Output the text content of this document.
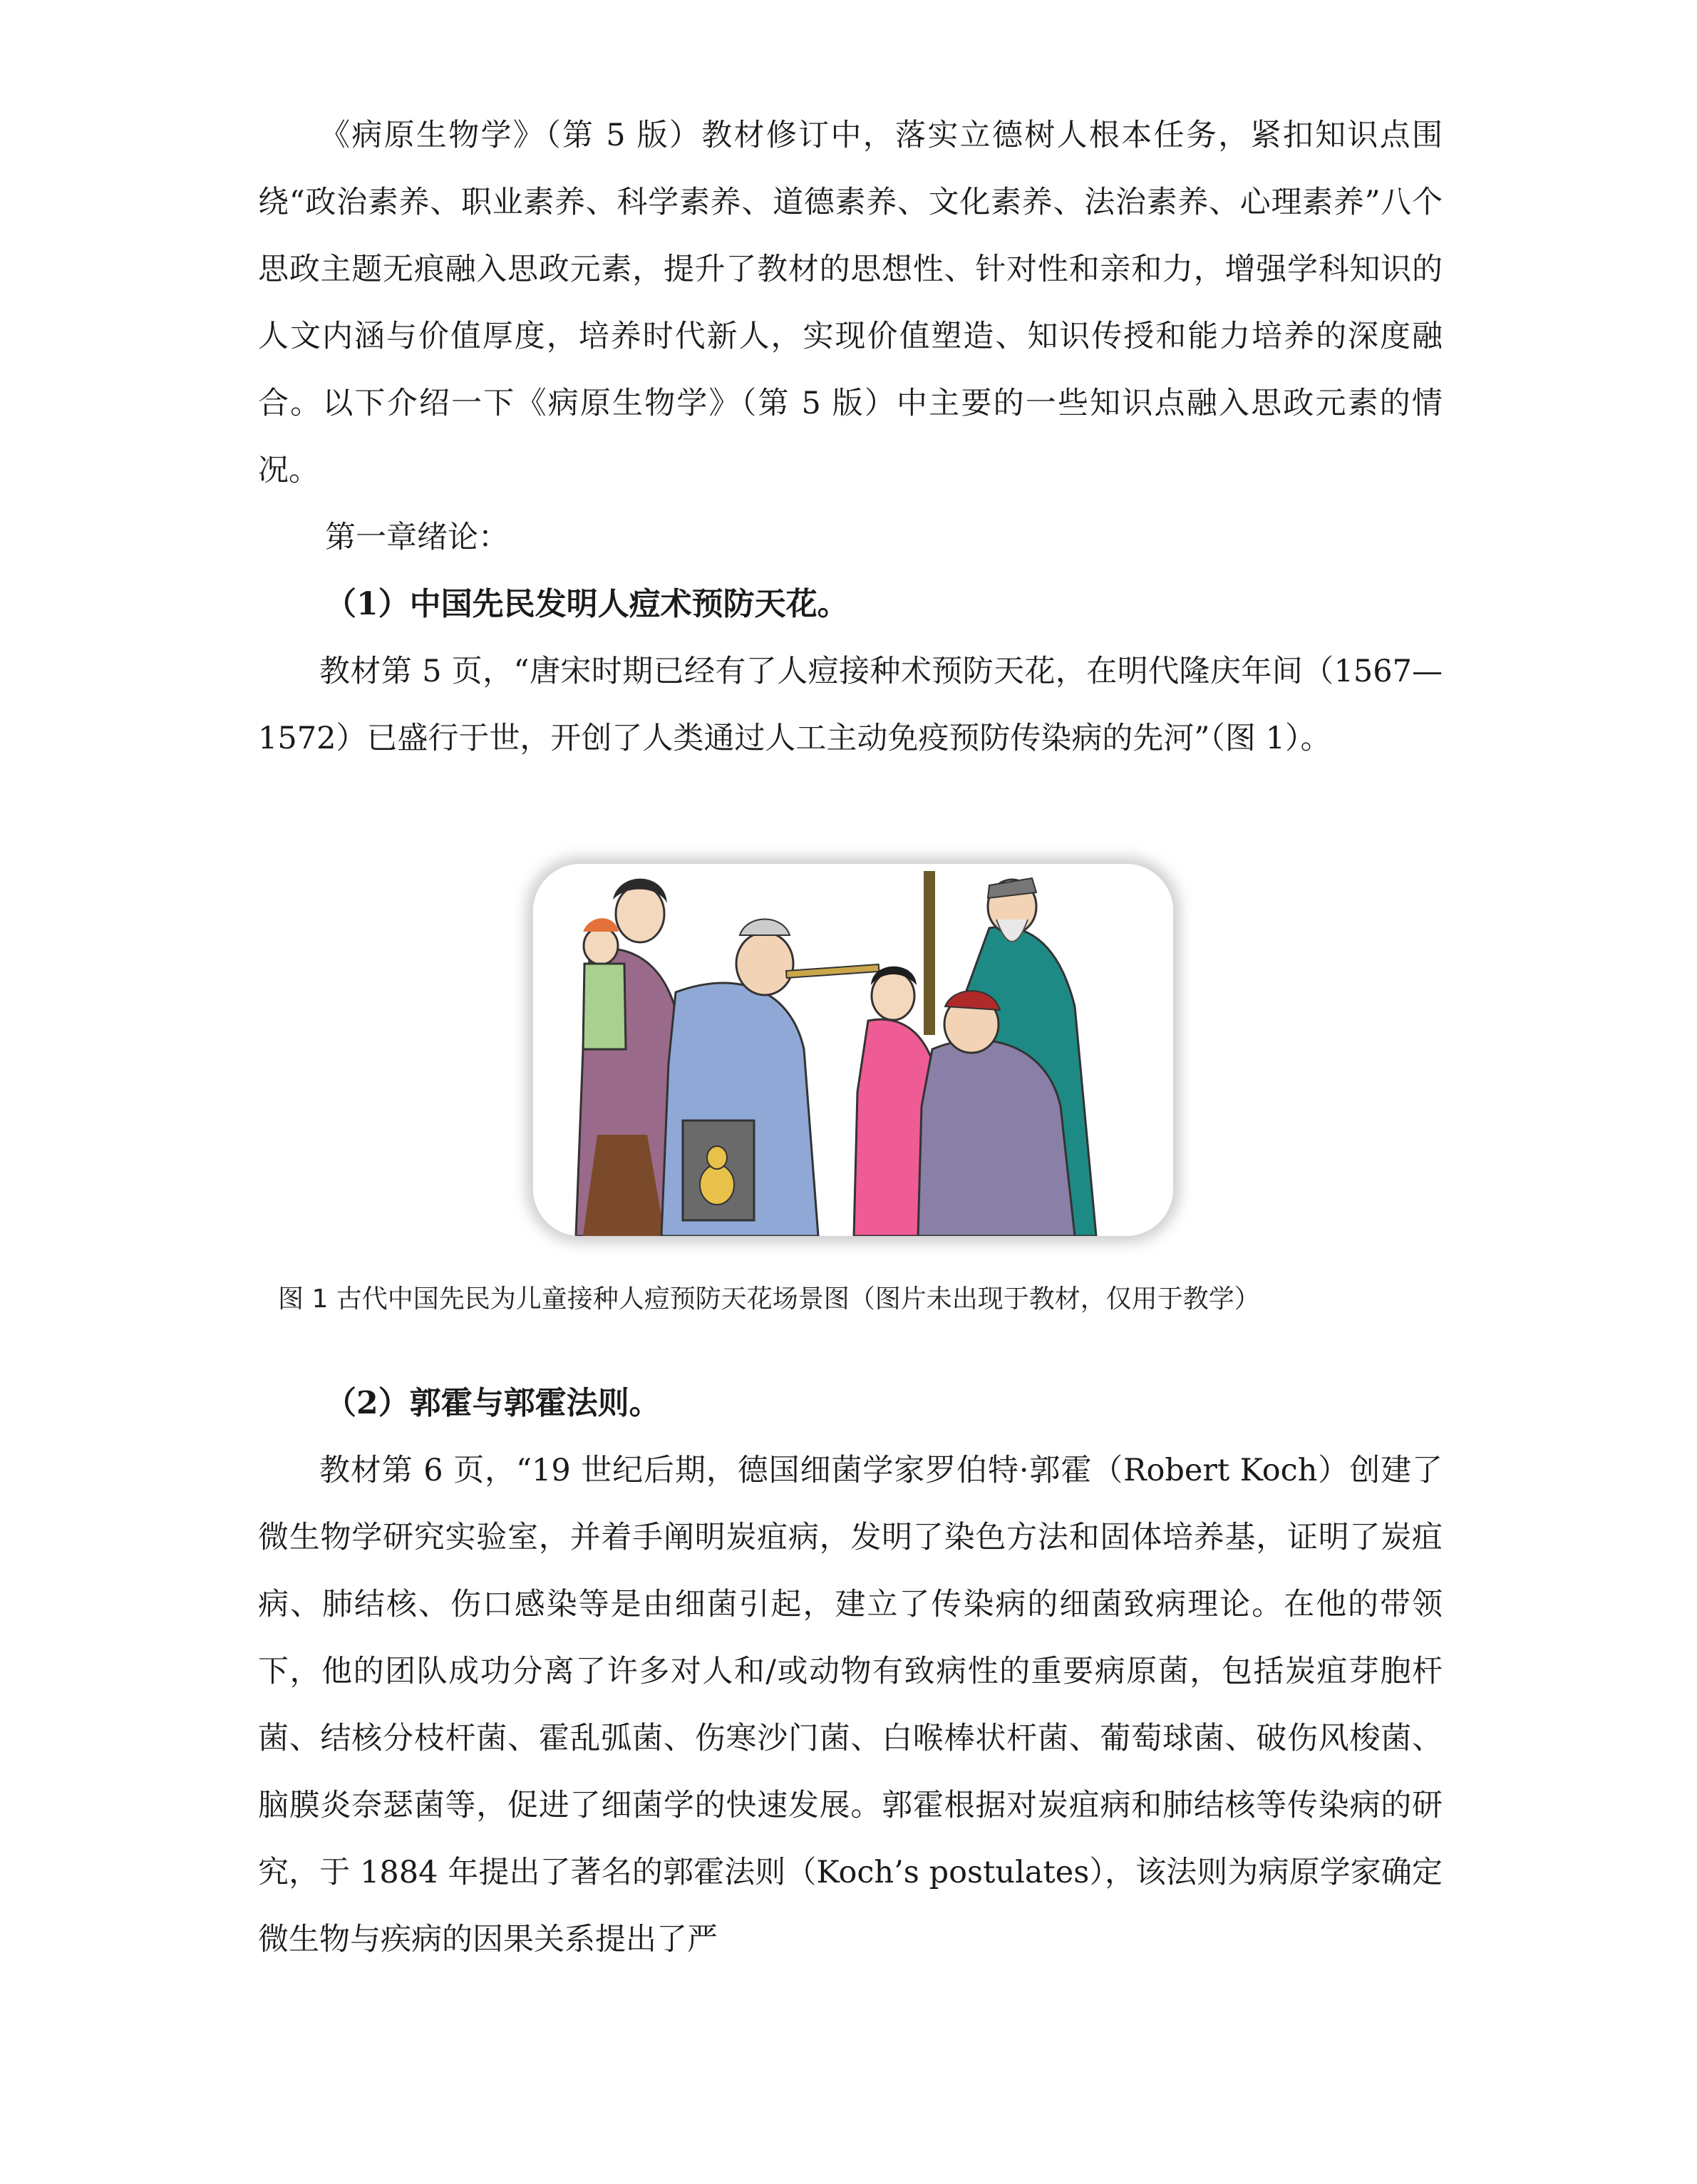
《病原生物学》（第 5 版）教材修订中，落实立德树人根本任务，紧扣知识点围绕“政治素养、职业素养、科学素养、道德素养、文化素养、法治素养、心理素养”八个思政主题无痕融入思政元素，提升了教材的思想性、针对性和亲和力，增强学科知识的人文内涵与价值厚度，培养时代新人，实现价值塑造、知识传授和能力培养的深度融合。以下介绍一下《病原生物学》（第 5 版）中主要的一些知识点融入思政元素的情况。

第一章绪论：

（1）中国先民发明人痘术预防天花。

教材第 5 页，“唐宋时期已经有了人痘接种术预防天花，在明代隆庆年间（1567—1572）已盛行于世，开创了人类通过人工主动免疫预防传染病的先河”（图 1）。

图 1 古代中国先民为儿童接种人痘预防天花场景图（图片未出现于教材，仅用于教学）

（2）郭霍与郭霍法则。

教材第 6 页，“19 世纪后期，德国细菌学家罗伯特·郭霍（Robert Koch）创建了微生物学研究实验室，并着手阐明炭疽病，发明了染色方法和固体培养基，证明了炭疽病、肺结核、伤口感染等是由细菌引起，建立了传染病的细菌致病理论。在他的带领下，他的团队成功分离了许多对人和/或动物有致病性的重要病原菌，包括炭疽芽胞杆菌、结核分枝杆菌、霍乱弧菌、伤寒沙门菌、白喉棒状杆菌、葡萄球菌、破伤风梭菌、脑膜炎奈瑟菌等，促进了细菌学的快速发展。郭霍根据对炭疽病和肺结核等传染病的研究，于 1884 年提出了著名的郭霍法则（Koch’s postulates），该法则为病原学家确定微生物与疾病的因果关系提出了严
